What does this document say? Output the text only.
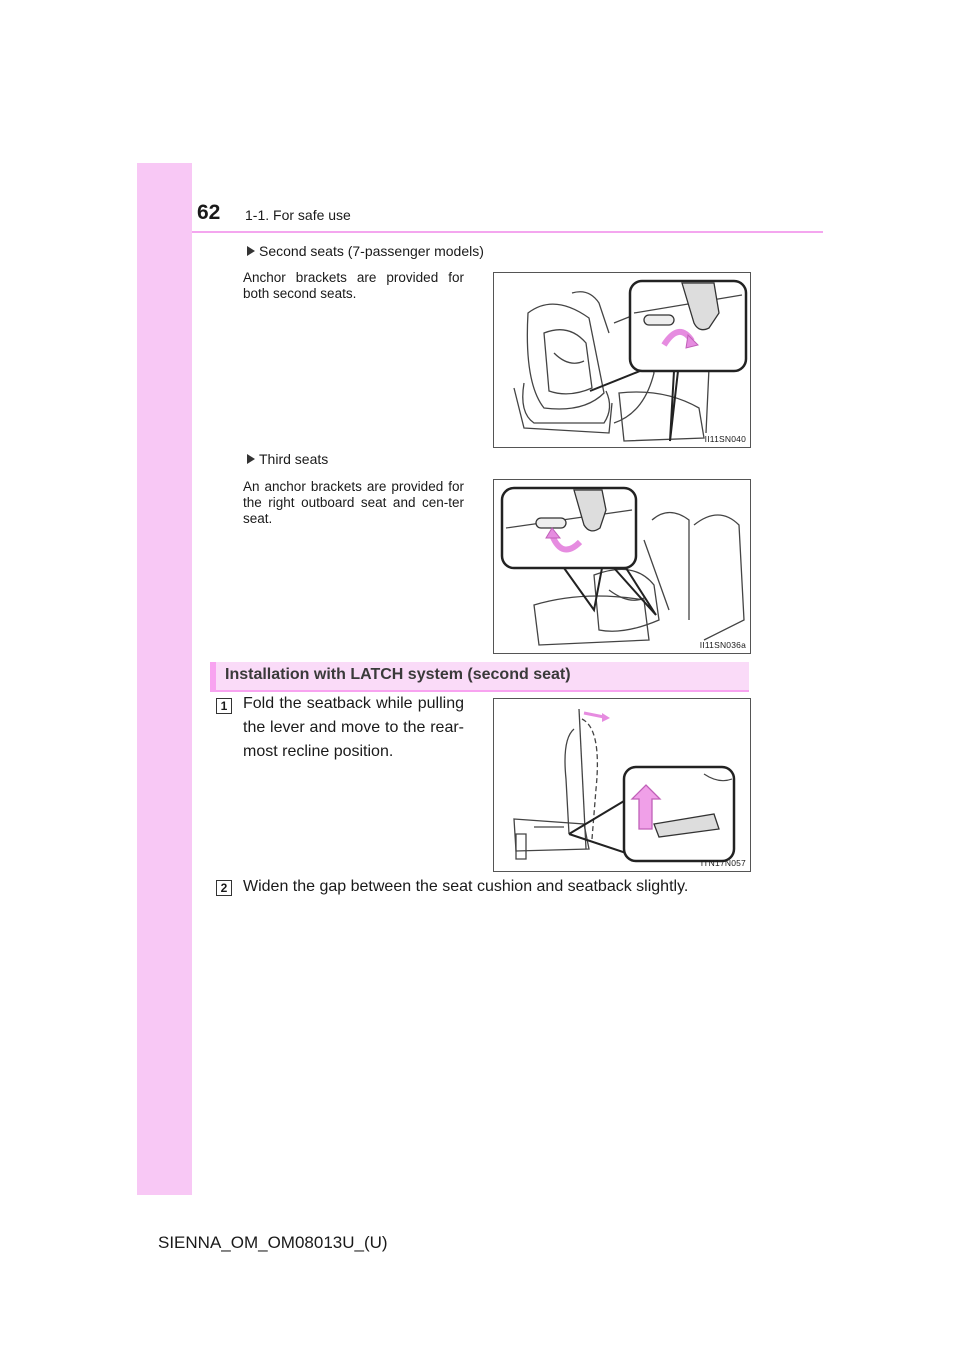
62 1-1. For safe use
Second seats (7-passenger models)
Anchor brackets are provided for both second seats.
II11SN040
Third seats
An anchor brackets are provided for the right outboard seat and cen-ter seat.
II11SN036a
Installation with LATCH system (second seat)
1 Fold the seatback while pulling the lever and move to the rear-most recline position.
ITN17N057
2 Widen the gap between the seat cushion and seatback slightly.
SIENNA_OM_OM08013U_(U)
